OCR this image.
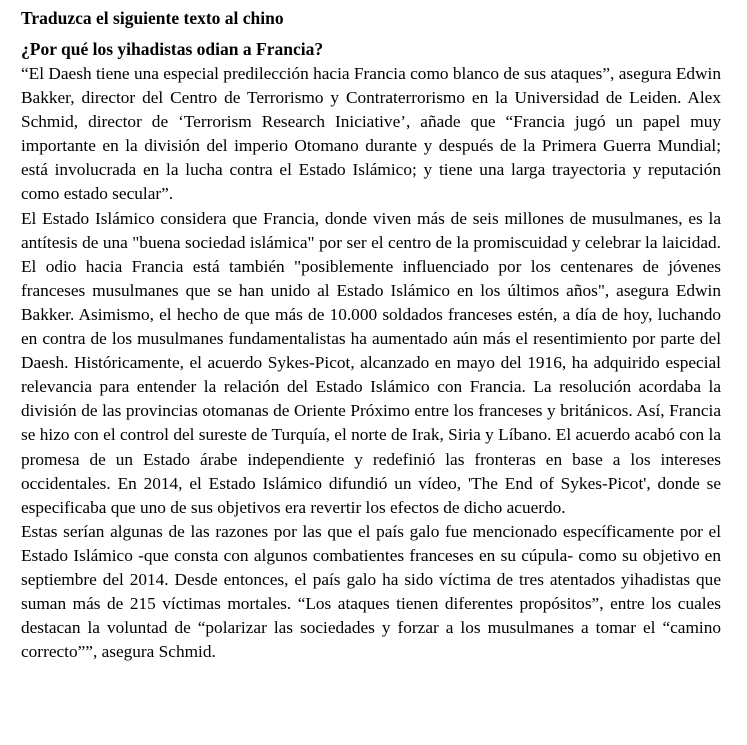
Traduzca el siguiente texto al chino
¿Por qué los yihadistas odian a Francia?

“El Daesh tiene una especial predilección hacia Francia como blanco de sus ataques”, asegura Edwin Bakker, director del Centro de Terrorismo y Contraterrorismo en la Universidad de Leiden. Alex Schmid, director de ‘Terrorism Research Iniciative’, añade que “Francia jugó un papel muy importante en la división del imperio Otomano durante y después de la Primera Guerra Mundial; está involucrada en la lucha contra el Estado Islámico; y tiene una larga trayectoria y reputación como estado secular”.

El Estado Islámico considera que Francia, donde viven más de seis millones de musulmanes, es la antítesis de una "buena sociedad islámica" por ser el centro de la promiscuidad y celebrar la laicidad. El odio hacia Francia está también "posiblemente influenciado por los centenares de jóvenes franceses musulmanes que se han unido al Estado Islámico en los últimos años", asegura Edwin Bakker. Asimismo, el hecho de que más de 10.000 soldados franceses estén, a día de hoy, luchando en contra de los musulmanes fundamentalistas ha aumentado aún más el resentimiento por parte del Daesh. Históricamente, el acuerdo Sykes-Picot, alcanzado en mayo del 1916, ha adquirido especial relevancia para entender la relación del Estado Islámico con Francia. La resolución acordaba la división de las provincias otomanas de Oriente Próximo entre los franceses y británicos. Así, Francia se hizo con el control del sureste de Turquía, el norte de Irak, Siria y Líbano. El acuerdo acabó con la promesa de un Estado árabe independiente y redefinió las fronteras en base a los intereses occidentales. En 2014, el Estado Islámico difundió un vídeo, 'The End of Sykes-Picot', donde se especificaba que uno de sus objetivos era revertir los efectos de dicho acuerdo.

Estas serían algunas de las razones por las que el país galo fue mencionado específicamente por el Estado Islámico -que consta con algunos combatientes franceses en su cúpula- como su objetivo en septiembre del 2014. Desde entonces, el país galo ha sido víctima de tres atentados yihadistas que suman más de 215 víctimas mortales. “Los ataques tienen diferentes propósitos”, entre los cuales destacan la voluntad de “polarizar las sociedades y forzar a los musulmanes a tomar el “camino correcto””, asegura Schmid.
